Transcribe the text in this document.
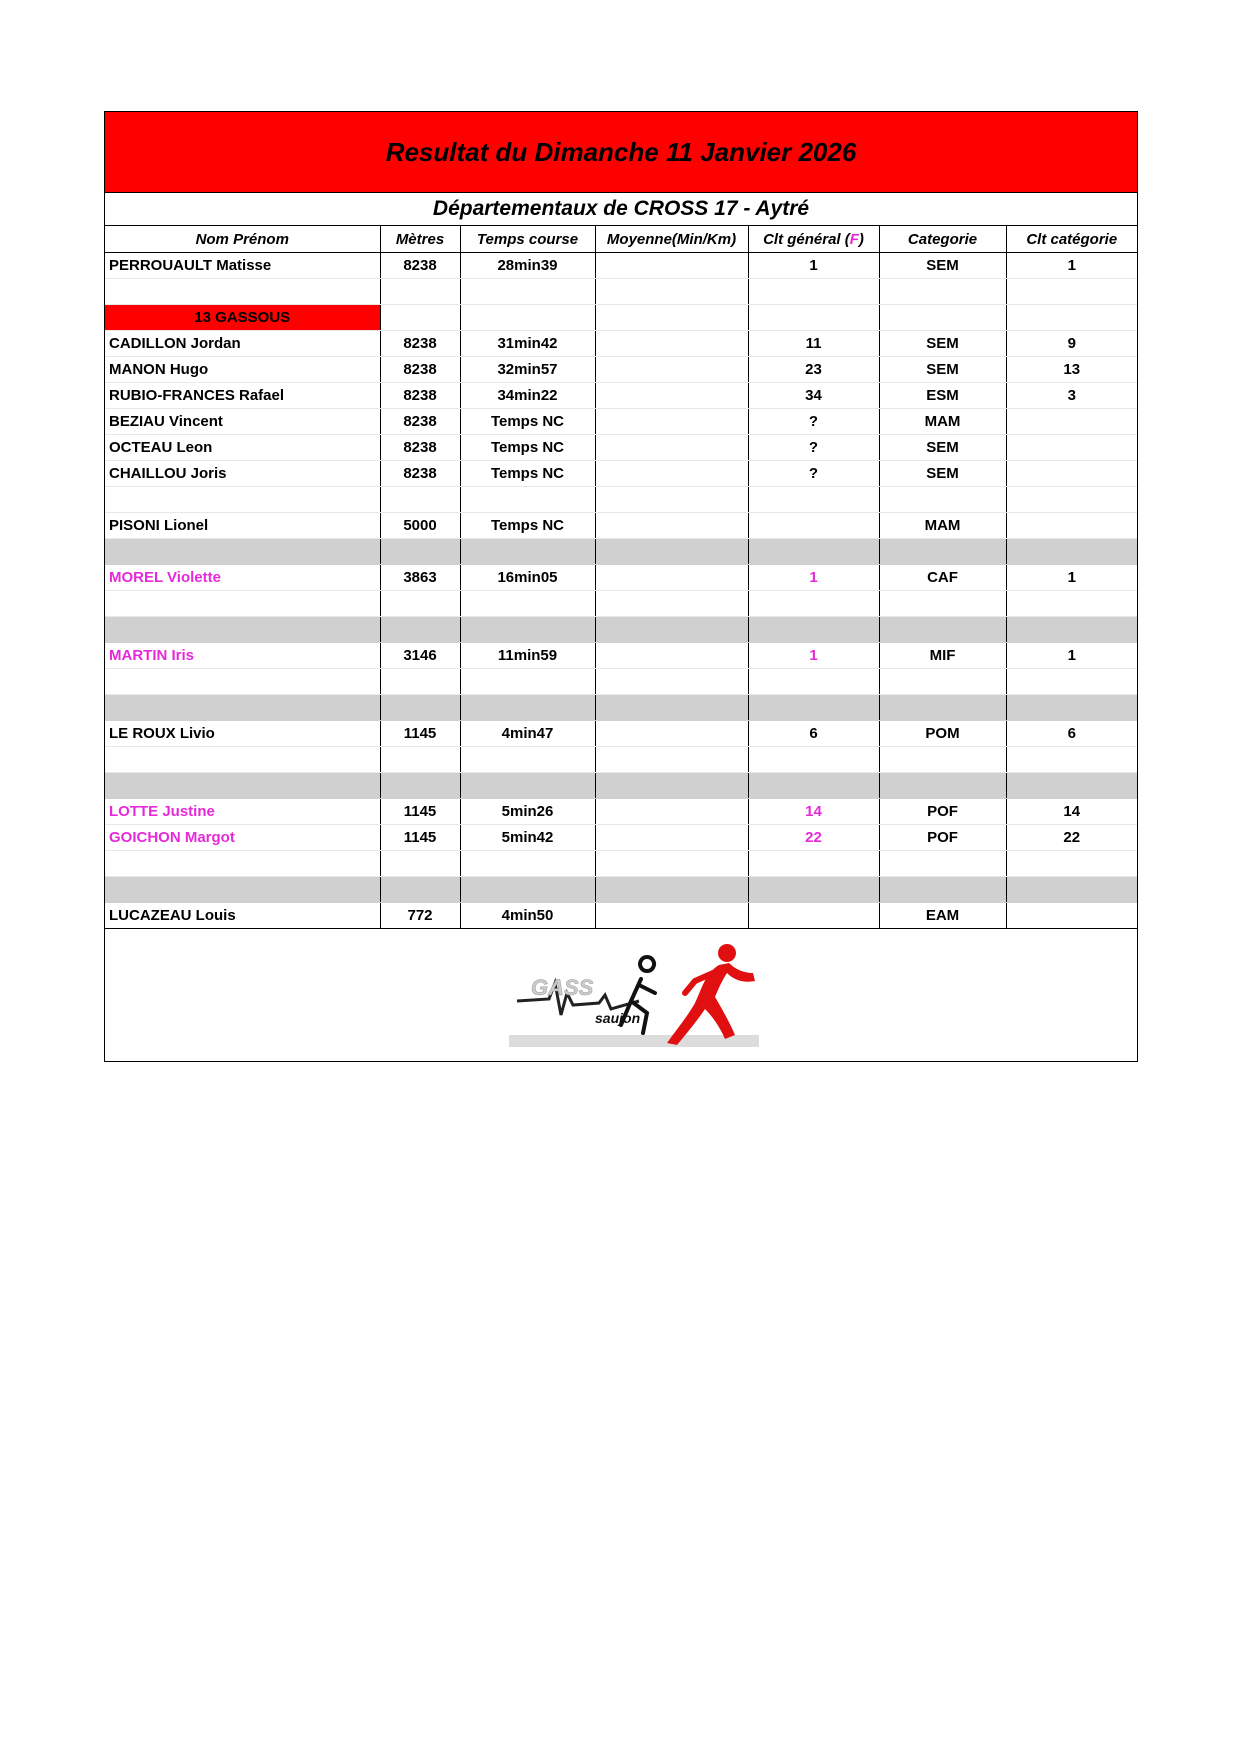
Resultat du Dimanche 11 Janvier 2026
Départementaux de CROSS 17 - Aytré
Nom Prénom	Mètres	Temps course	Moyenne(Min/Km)	Clt général (F)	Categorie	Clt catégorie
PERROUAULT Matisse	8238	28min39		1	SEM	1

13 GASSOUS						
CADILLON Jordan	8238	31min42		11	SEM	9
MANON Hugo	8238	32min57		23	SEM	13
RUBIO-FRANCES Rafael	8238	34min22		34	ESM	3
BEZIAU Vincent	8238	Temps NC		?	MAM	
OCTEAU Leon	8238	Temps NC		?	SEM	
CHAILLOU Joris	8238	Temps NC		?	SEM	

PISONI Lionel	5000	Temps NC			MAM	

MOREL Violette	3863	16min05		1	CAF	1

MARTIN Iris	3146	11min59		1	MIF	1

LE ROUX Livio	1145	4min47		6	POM	6

LOTTE Justine	1145	5min26		14	POF	14
GOICHON Margot	1145	5min42		22	POF	22

LUCAZEAU Louis	772	4min50			EAM	
GASS
saujon
